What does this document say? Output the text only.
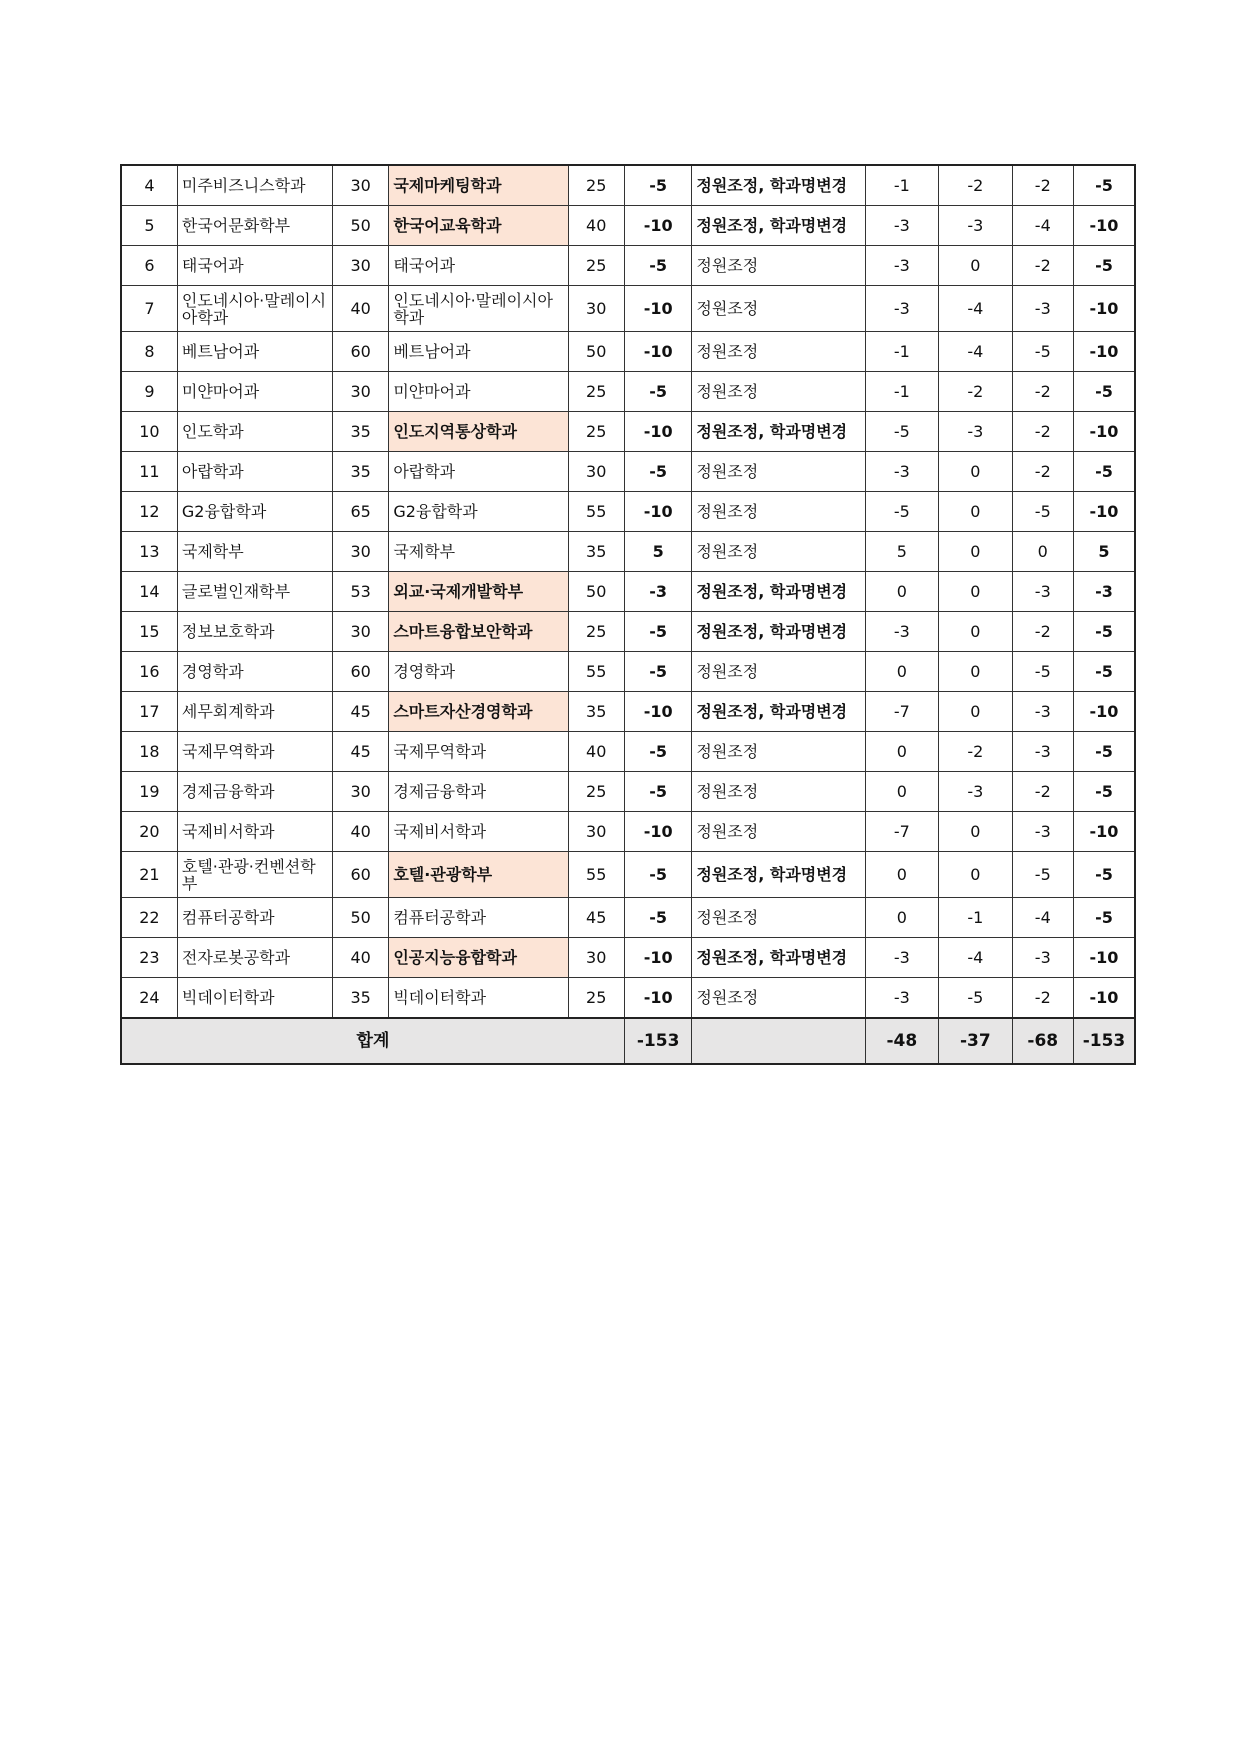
4	미주비즈니스학과	30	국제마케팅학과	25	-5	정원조정, 학과명변경	-1	-2	-2	-5
5	한국어문화학부	50	한국어교육학과	40	-10	정원조정, 학과명변경	-3	-3	-4	-10
6	태국어과	30	태국어과	25	-5	정원조정	-3	0	-2	-5
7	인도네시아·말레이시아학과	40	인도네시아·말레이시아학과	30	-10	정원조정	-3	-4	-3	-10
8	베트남어과	60	베트남어과	50	-10	정원조정	-1	-4	-5	-10
9	미얀마어과	30	미얀마어과	25	-5	정원조정	-1	-2	-2	-5
10	인도학과	35	인도지역통상학과	25	-10	정원조정, 학과명변경	-5	-3	-2	-10
11	아랍학과	35	아랍학과	30	-5	정원조정	-3	0	-2	-5
12	G2융합학과	65	G2융합학과	55	-10	정원조정	-5	0	-5	-10
13	국제학부	30	국제학부	35	5	정원조정	5	0	0	5
14	글로벌인재학부	53	외교·국제개발학부	50	-3	정원조정, 학과명변경	0	0	-3	-3
15	정보보호학과	30	스마트융합보안학과	25	-5	정원조정, 학과명변경	-3	0	-2	-5
16	경영학과	60	경영학과	55	-5	정원조정	0	0	-5	-5
17	세무회계학과	45	스마트자산경영학과	35	-10	정원조정, 학과명변경	-7	0	-3	-10
18	국제무역학과	45	국제무역학과	40	-5	정원조정	0	-2	-3	-5
19	경제금융학과	30	경제금융학과	25	-5	정원조정	0	-3	-2	-5
20	국제비서학과	40	국제비서학과	30	-10	정원조정	-7	0	-3	-10
21	호텔·관광·컨벤션학부	60	호텔·관광학부	55	-5	정원조정, 학과명변경	0	0	-5	-5
22	컴퓨터공학과	50	컴퓨터공학과	45	-5	정원조정	0	-1	-4	-5
23	전자로봇공학과	40	인공지능융합학과	30	-10	정원조정, 학과명변경	-3	-4	-3	-10
24	빅데이터학과	35	빅데이터학과	25	-10	정원조정	-3	-5	-2	-10
합계					-153		-48	-37	-68	-153
